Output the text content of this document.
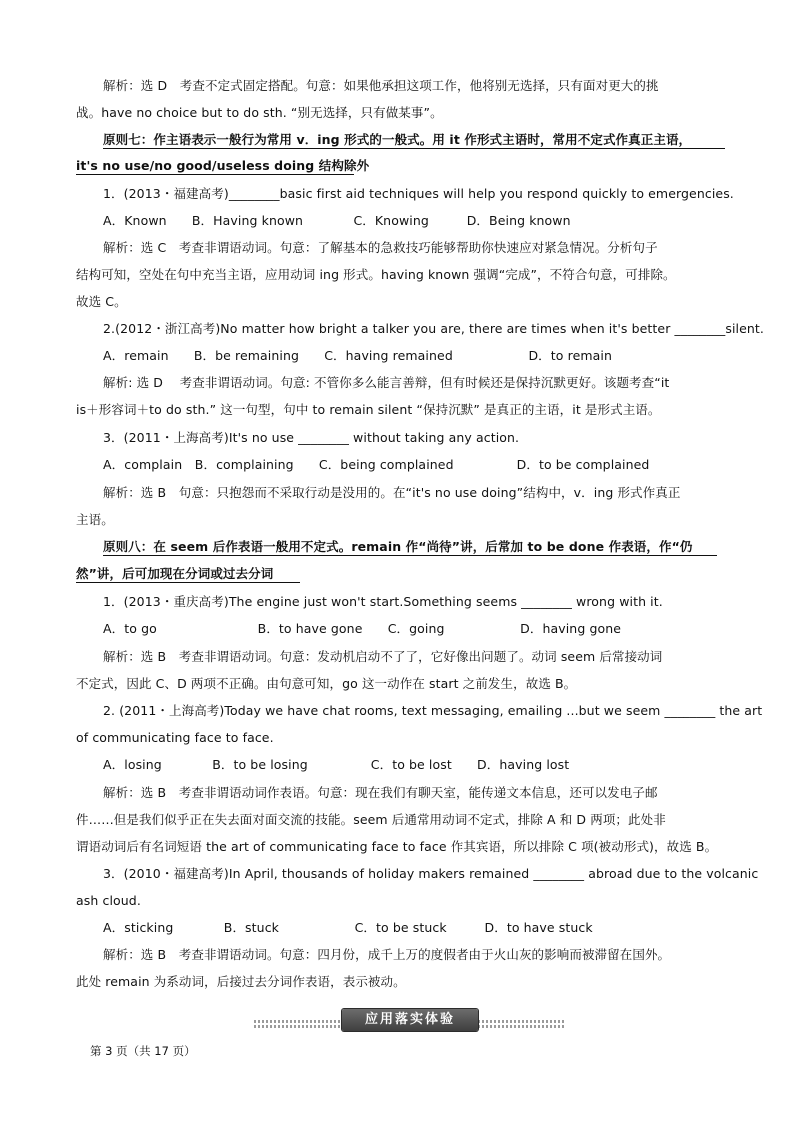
解析：选 D　考查不定式固定搭配。句意：如果他承担这项工作，他将别无选择，只有面对更大的挑
战。have no choice but to do sth. “别无选择，只有做某事”。
原则七：作主语表示一般行为常用 v．ing 形式的一般式。用 it 作形式主语时，常用不定式作真正主语，
it's no use/no good/useless doing 结构除外
1．(2013・福建高考)________basic first aid techniques will help you respond quickly to emergencies.
A．Known　　B．Having known　　　　C．Knowing　　　D．Being known
解析：选 C　考查非谓语动词。句意：了解基本的急救技巧能够帮助你快速应对紧急情况。分析句子
结构可知，空处在句中充当主语，应用动词 ing 形式。having known 强调“完成”，不符合句意，可排除。
故选 C。
2.(2012・浙江高考)No matter how bright a talker you are, there are times when it's better ________silent.
A．remain　　B．be remaining　　C．having remained　　　　　　D．to remain
解析: 选 D　 考查非谓语动词。句意: 不管你多么能言善辩，但有时候还是保持沉默更好。该题考查“it
is＋形容词＋to do sth.” 这一句型，句中 to remain silent “保持沉默” 是真正的主语，it 是形式主语。
3．(2011・上海高考)It's no use ________ without taking any action.
A．complain　B．complaining　　C．being complained　　　　　D．to be complained
解析：选 B　句意：只抱怨而不采取行动是没用的。在“it's no use doing”结构中，v．ing 形式作真正
主语。
原则八：在 seem 后作表语一般用不定式。remain 作“尚待”讲，后常加 to be done 作表语，作“仍
然”讲，后可加现在分词或过去分词
1．(2013・重庆高考)The engine just won't start.Something seems ________ wrong with it.
A．to go　　　　　　　　B．to have gone　　C．going　　　　　　D．having gone
解析：选 B　考查非谓语动词。句意：发动机启动不了了，它好像出问题了。动词 seem 后常接动词
不定式，因此 C、D 两项不正确。由句意可知，go 这一动作在 start 之前发生，故选 B。
2. (2011・上海高考)Today we have chat rooms, text messaging, emailing ...but we seem ________ the art
of communicating face to face.
A．losing　　　　B．to be losing　　　　　C．to be lost　　D．having lost
解析：选 B　考查非谓语动词作表语。句意：现在我们有聊天室，能传递文本信息，还可以发电子邮
件……但是我们似乎正在失去面对面交流的技能。seem 后通常用动词不定式，排除 A 和 D 两项；此处非
谓语动词后有名词短语 the art of communicating face to face 作其宾语，所以排除 C 项(被动形式)，故选 B。
3．(2010・福建高考)In April, thousands of holiday makers remained ________ abroad due to the volcanic
ash cloud.
A．sticking　　　　B．stuck　　　　　　C．to be stuck　　　D．to have stuck
解析：选 B　考查非谓语动词。句意：四月份，成千上万的度假者由于火山灰的影响而被滞留在国外。
此处 remain 为系动词，后接过去分词作表语，表示被动。
应用落实体验
第 3 页（共 17 页）
